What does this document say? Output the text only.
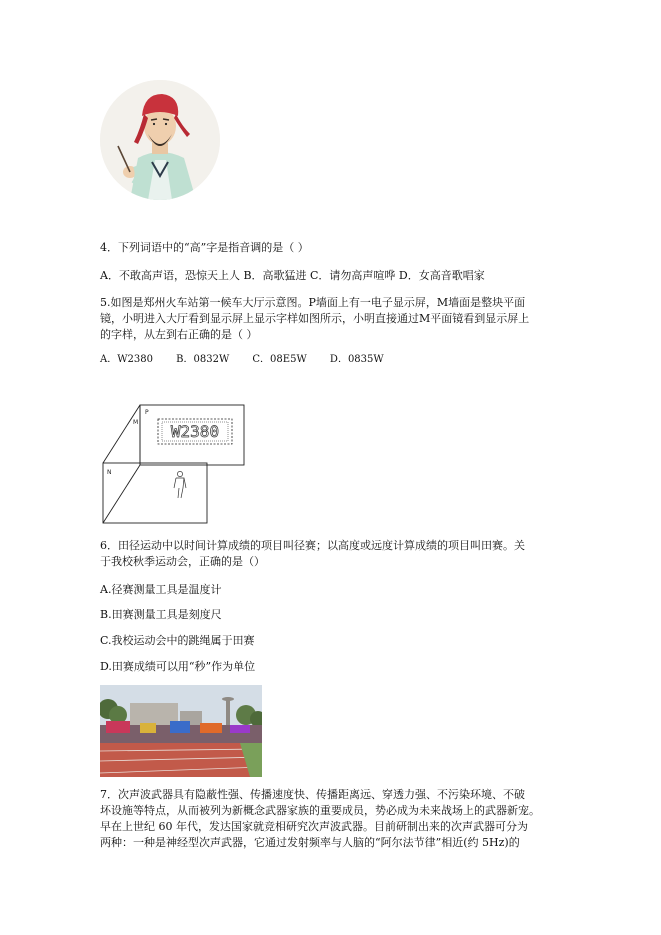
4．下列词语中的“高”字是指音调的是（ ）
A．不敢高声语，恐惊天上人 B．高歌猛进 C．请勿高声喧哗 D．女高音歌唱家
5.如图是郑州火车站第一候车大厅示意图。P墙面上有一电子显示屏，M墙面是整块平面
镜，小明进入大厅看到显示屏上显示字样如图所示，小明直接通过M平面镜看到显示屏上
的字样，从左到右正确的是（ ）
A．W2380 B．0832W C．08E5W D．0835W
W2380
P
M
N
6．田径运动中以时间计算成绩的项目叫径赛；以高度或远度计算成绩的项目叫田赛。关
于我校秋季运动会，正确的是（）
A.径赛测量工具是温度计
B.田赛测量工具是刻度尺
C.我校运动会中的跳绳属于田赛
D.田赛成绩可以用“秒”作为单位
7．次声波武器具有隐蔽性强、传播速度快、传播距离远、穿透力强、不污染环境、不破
坏设施等特点，从而被列为新概念武器家族的重要成员，势必成为未来战场上的武器新宠。
早在上世纪 60 年代，发达国家就竞相研究次声波武器。目前研制出来的次声武器可分为
两种：一种是神经型次声武器，它通过发射频率与人脑的“阿尔法节律”相近(约 5Hz)的
